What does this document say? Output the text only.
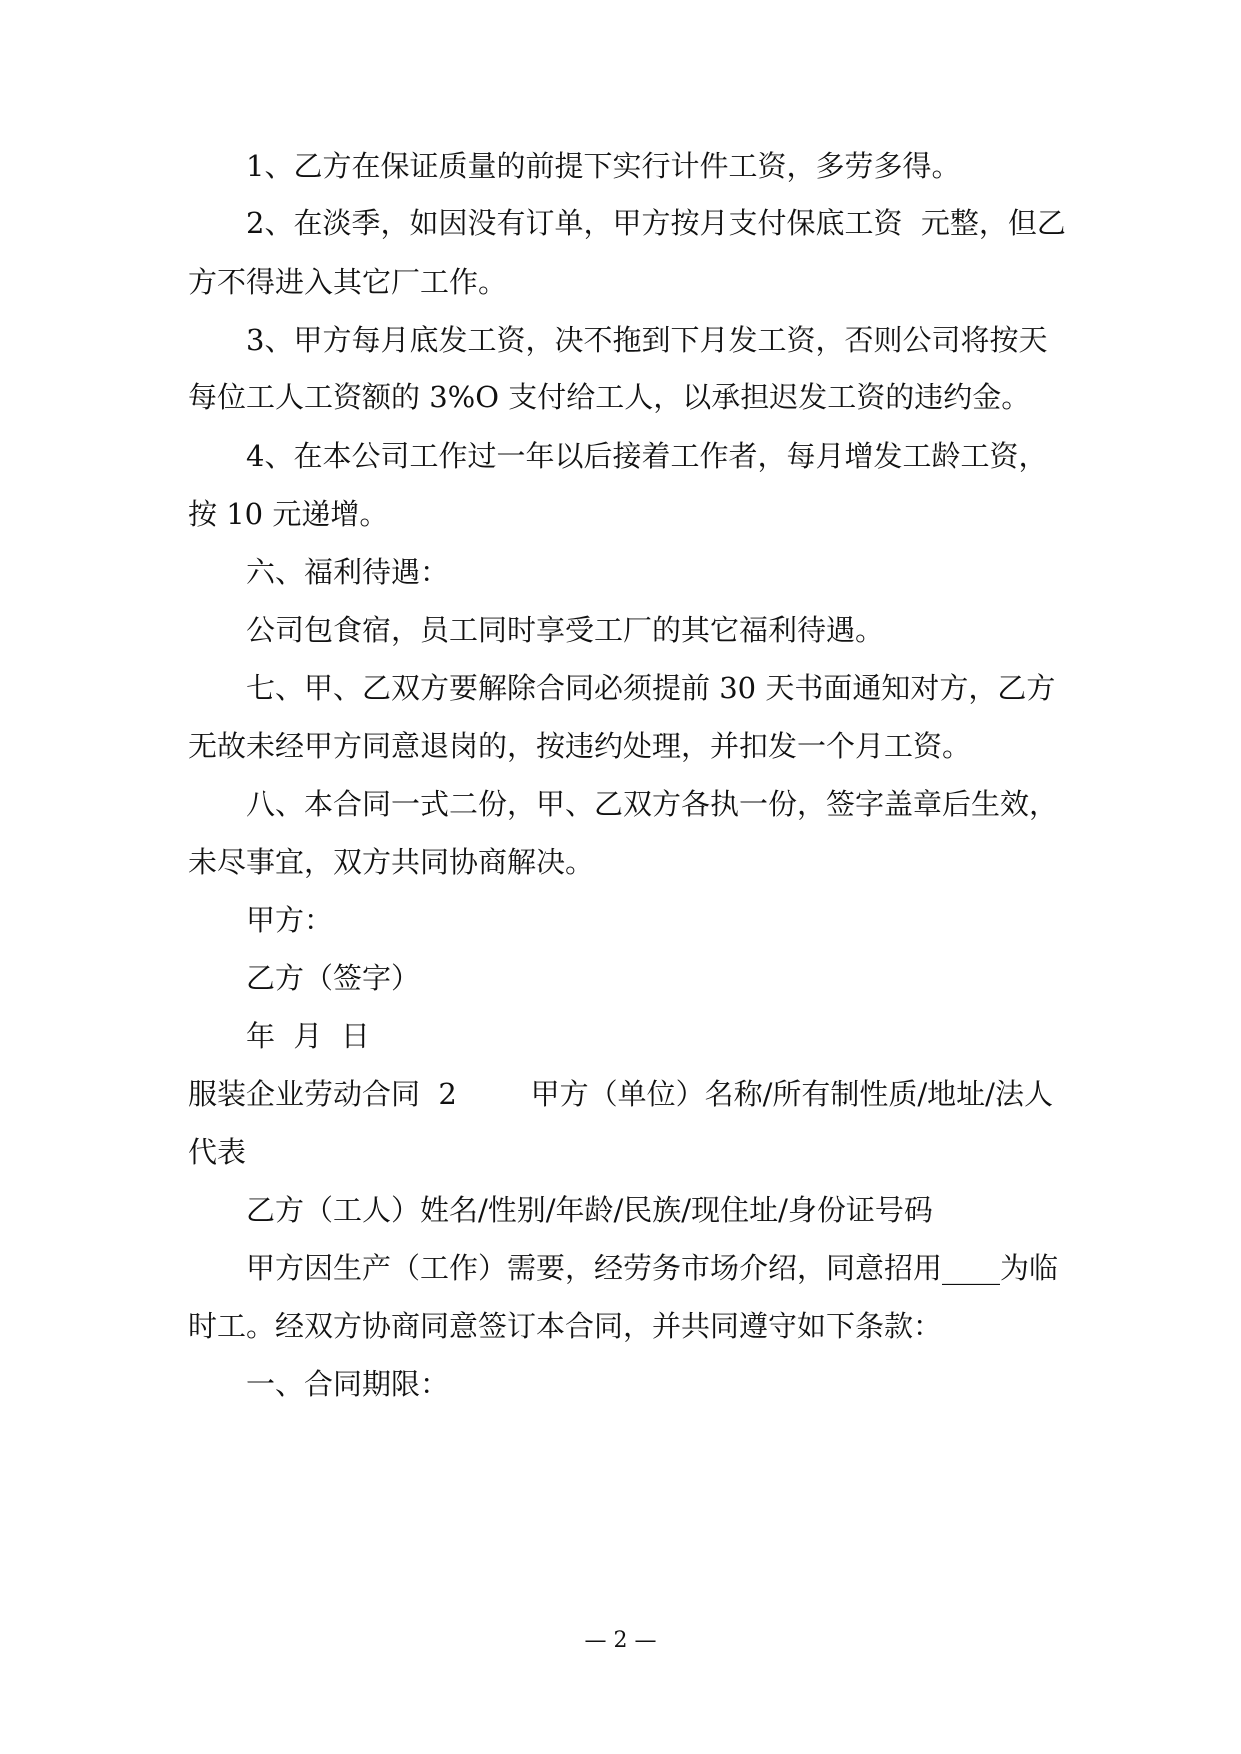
1、乙方在保证质量的前提下实行计件工资，多劳多得。
2、在淡季，如因没有订单，甲方按月支付保底工资  元整，但乙
方不得进入其它厂工作。
3、甲方每月底发工资，决不拖到下月发工资，否则公司将按天
每位工人工资额的 3%O 支付给工人，以承担迟发工资的违约金。
4、在本公司工作过一年以后接着工作者，每月增发工龄工资，
按 10 元递增。
六、福利待遇：
公司包食宿，员工同时享受工厂的其它福利待遇。
七、甲、乙双方要解除合同必须提前 30 天书面通知对方，乙方
无故未经甲方同意退岗的，按违约处理，并扣发一个月工资。
八、本合同一式二份，甲、乙双方各执一份，签字盖章后生效，
未尽事宜，双方共同协商解决。
甲方：
乙方（签字）
年  月  日
服装企业劳动合同  2        甲方（单位）名称/所有制性质/地址/法人
代表
乙方（工人）姓名/性别/年龄/民族/现住址/身份证号码
甲方因生产（工作）需要，经劳务市场介绍，同意招用____为临
时工。经双方协商同意签订本合同，并共同遵守如下条款：
一、合同期限：
— 2 —
